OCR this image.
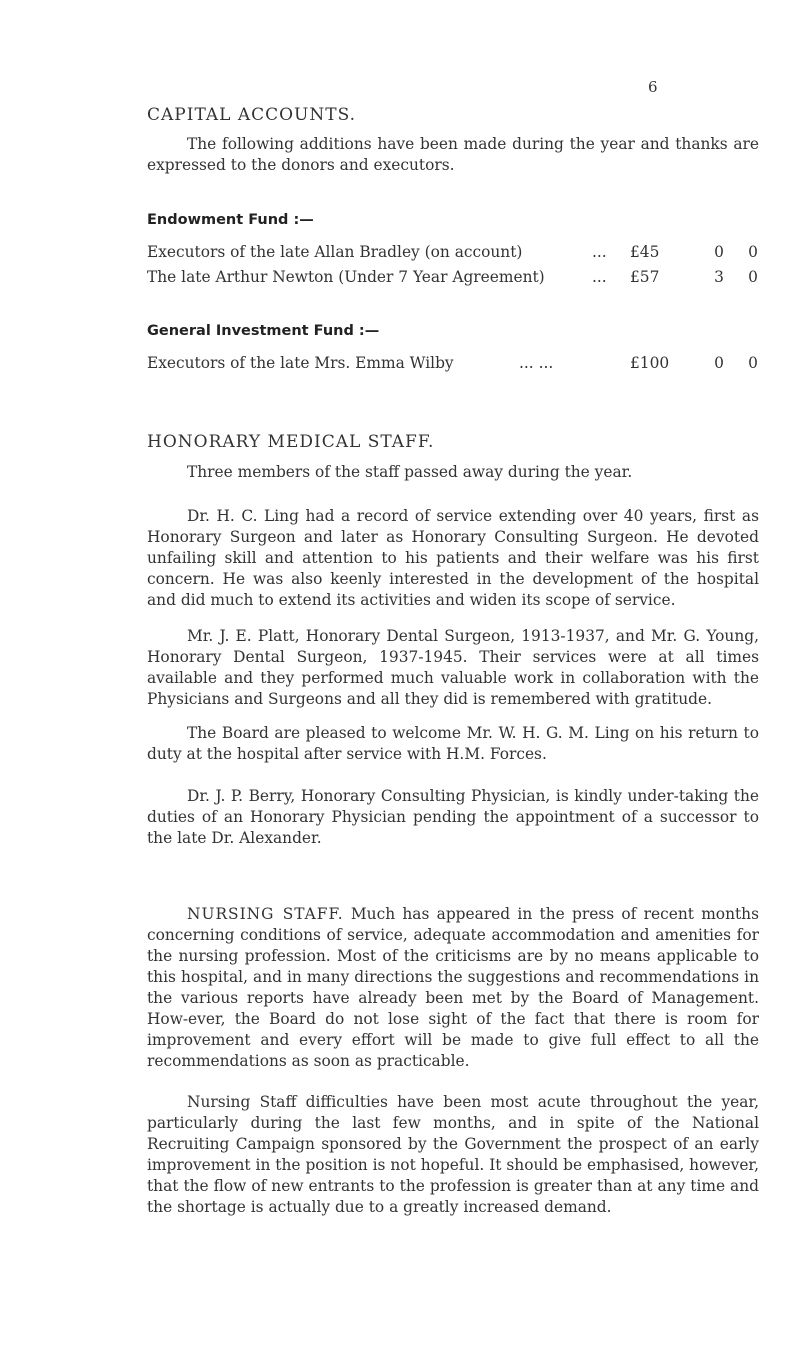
6
CAPITAL ACCOUNTS.
The following additions have been made during the year and thanks are expressed to the donors and executors.
Endowment Fund :—
Executors of the late Allan Bradley (on account)	... £45	0 0
The late Arthur Newton (Under 7 Year Agreement)	... £57	3 0
General Investment Fund :—
Executors of the late Mrs. Emma Wilby	... ...	£100	0 0
HONORARY MEDICAL STAFF.
Three members of the staff passed away during the year.
Dr. H. C. Ling had a record of service extending over 40 years, first as Honorary Surgeon and later as Honorary Consulting Surgeon. He devoted unfailing skill and attention to his patients and their welfare was his first concern. He was also keenly interested in the development of the hospital and did much to extend its activities and widen its scope of service.
Mr. J. E. Platt, Honorary Dental Surgeon, 1913-1937, and Mr. G. Young, Honorary Dental Surgeon, 1937-1945. Their services were at all times available and they performed much valuable work in collaboration with the Physicians and Surgeons and all they did is remembered with gratitude.
The Board are pleased to welcome Mr. W. H. G. M. Ling on his return to duty at the hospital after service with H.M. Forces.
Dr. J. P. Berry, Honorary Consulting Physician, is kindly under-taking the duties of an Honorary Physician pending the appointment of a successor to the late Dr. Alexander.
NURSING STAFF. Much has appeared in the press of recent months concerning conditions of service, adequate accommodation and amenities for the nursing profession. Most of the criticisms are by no means applicable to this hospital, and in many directions the suggestions and recommendations in the various reports have already been met by the Board of Management. How-ever, the Board do not lose sight of the fact that there is room for improvement and every effort will be made to give full effect to all the recommendations as soon as practicable.
Nursing Staff difficulties have been most acute throughout the year, particularly during the last few months, and in spite of the National Recruiting Campaign sponsored by the Government the prospect of an early improvement in the position is not hopeful. It should be emphasised, however, that the flow of new entrants to the profession is greater than at any time and the shortage is actually due to a greatly increased demand.
